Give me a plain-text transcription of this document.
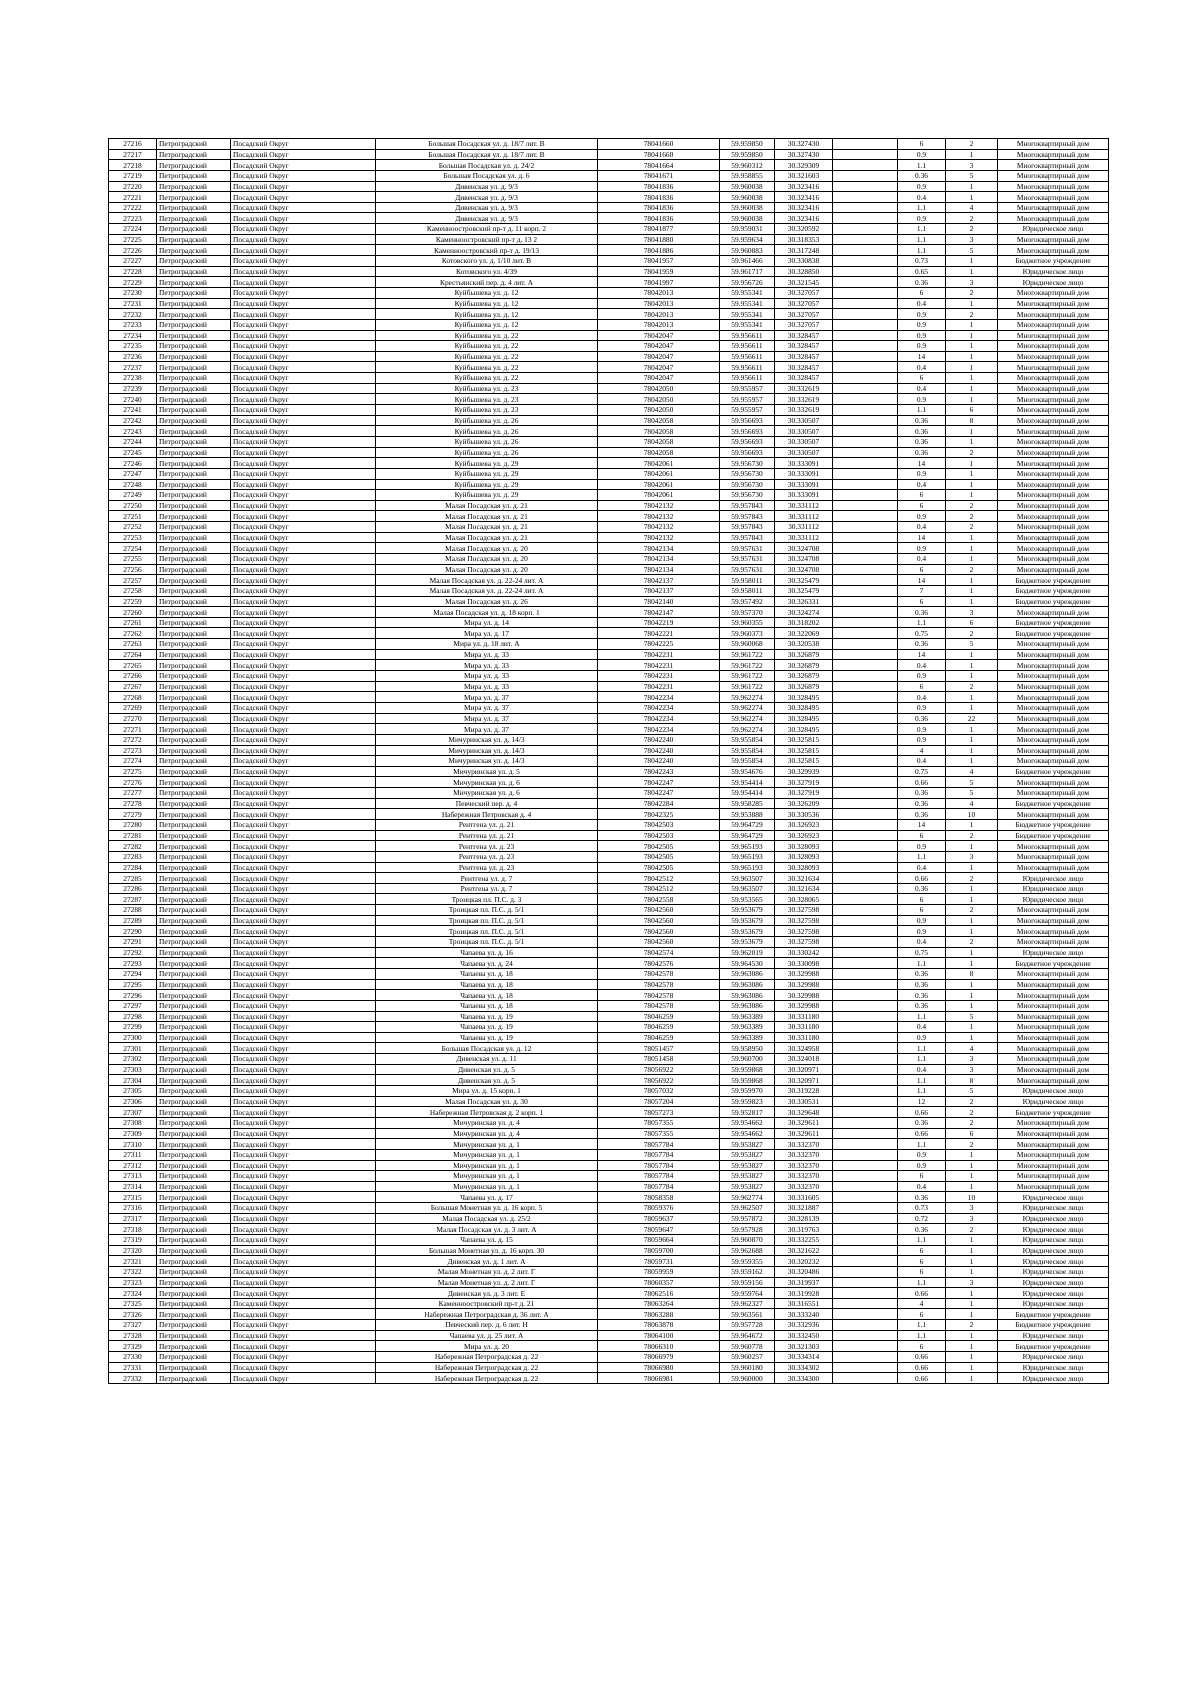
27216	Петроградский	Посадский Округ	Большая Посадская ул. д. 18/7 лит. В	78041660	59.959850	30.327430		6	2	Многоквартирный дом
27217	Петроградский	Посадский Округ	Большая Посадская ул. д. 18/7 лит. В	78041660	59.959850	30.327430		0.9	1	Многоквартирный дом
27218	Петроградский	Посадский Округ	Большая Посадская ул. д. 24/2	78041664	59.960312	30.329309		1.1	3	Многоквартирный дом
27219	Петроградский	Посадский Округ	Большая Посадская ул. д. 6	78041671	59.958855	30.321603		0.36	5	Многоквартирный дом
27220	Петроградский	Посадский Округ	Дивенская ул. д. 9/3	78041836	59.960038	30.323416		0.9	1	Многоквартирный дом
27221	Петроградский	Посадский Округ	Дивенская ул. д. 9/3	78041836	59.960038	30.323416		0.4	1	Многоквартирный дом
27222	Петроградский	Посадский Округ	Дивенская ул. д. 9/3	78041836	59.960038	30.323416		1.1	4	Многоквартирный дом
27223	Петроградский	Посадский Округ	Дивенская ул. д. 9/3	78041836	59.960038	30.323416		0.9	2	Многоквартирный дом
27224	Петроградский	Посадский Округ	Каменноостровский пр-т д. 11 корп. 2	78041877	59.959031	30.320592		1.1	2	Юридическое лицо
27225	Петроградский	Посадский Округ	Каменноостровский пр-т д. 13 2	78041880	59.959634	30.318353		1.1	3	Многоквартирный дом
27226	Петроградский	Посадский Округ	Каменноостровский пр-т д. 19/13	78041886	59.960883	30.317248		1.1	5	Многоквартирный дом
27227	Петроградский	Посадский Округ	Котовского ул. д. 1/10 лит. В	78041957	59.961466	30.330838		0.73	1	Бюджетное учреждение
27228	Петроградский	Посадский Округ	Котовского ул. 4/39	78041959	59.961717	30.328850		0.65	1	Юридическое лицо
27229	Петроградский	Посадский Округ	Крестьянский пер. д. 4 лит. А	78041997	59.956726	30.321545		0.36	3	Юридическое лицо
27230	Петроградский	Посадский Округ	Куйбышева ул. д. 12	78042013	59.955341	30.327057		6	2	Многоквартирный дом
27231	Петроградский	Посадский Округ	Куйбышева ул. д. 12	78042013	59.955341	30.327057		0.4	1	Многоквартирный дом
27232	Петроградский	Посадский Округ	Куйбышева ул. д. 12	78042013	59.955341	30.327057		0.9	2	Многоквартирный дом
27233	Петроградский	Посадский Округ	Куйбышева ул. д. 12	78042013	59.955341	30.327057		0.9	1	Многоквартирный дом
27234	Петроградский	Посадский Округ	Куйбышева ул. д. 22	78042047	59.956611	30.328457		0.9	1	Многоквартирный дом
27235	Петроградский	Посадский Округ	Куйбышева ул. д. 22	78042047	59.956611	30.328457		0.9	1	Многоквартирный дом
27236	Петроградский	Посадский Округ	Куйбышева ул. д. 22	78042047	59.956611	30.328457		14	1	Многоквартирный дом
27237	Петроградский	Посадский Округ	Куйбышева ул. д. 22	78042047	59.956611	30.328457		0.4	1	Многоквартирный дом
27238	Петроградский	Посадский Округ	Куйбышева ул. д. 22	78042047	59.956611	30.328457		6	1	Многоквартирный дом
27239	Петроградский	Посадский Округ	Куйбышева ул. д. 23	78042050	59.955957	30.332619		0.4	1	Многоквартирный дом
27240	Петроградский	Посадский Округ	Куйбышева ул. д. 23	78042050	59.955957	30.332619		0.9	1	Многоквартирный дом
27241	Петроградский	Посадский Округ	Куйбышева ул. д. 23	78042050	59.955957	30.332619		1.1	6	Многоквартирный дом
27242	Петроградский	Посадский Округ	Куйбышева ул. д. 26	78042058	59.956693	30.330507		0.36	8	Многоквартирный дом
27243	Петроградский	Посадский Округ	Куйбышева ул. д. 26	78042058	59.956693	30.330507		0.36	1	Многоквартирный дом
27244	Петроградский	Посадский Округ	Куйбышева ул. д. 26	78042058	59.956693	30.330507		0.36	1	Многоквартирный дом
27245	Петроградский	Посадский Округ	Куйбышева ул. д. 26	78042058	59.956693	30.330507		0.36	2	Многоквартирный дом
27246	Петроградский	Посадский Округ	Куйбышева ул. д. 29	78042061	59.956730	30.333091		14	1	Многоквартирный дом
27247	Петроградский	Посадский Округ	Куйбышева ул. д. 29	78042061	59.956730	30.333091		0.9	1	Многоквартирный дом
27248	Петроградский	Посадский Округ	Куйбышева ул. д. 29	78042061	59.956730	30.333091		0.4	1	Многоквартирный дом
27249	Петроградский	Посадский Округ	Куйбышева ул. д. 29	78042061	59.956730	30.333091		6	1	Многоквартирный дом
27250	Петроградский	Посадский Округ	Малая Посадская ул. д. 21	78042132	59.957843	30.331112		6	2	Многоквартирный дом
27251	Петроградский	Посадский Округ	Малая Посадская ул. д. 21	78042132	59.957843	30.331112		0.9	2	Многоквартирный дом
27252	Петроградский	Посадский Округ	Малая Посадская ул. д. 21	78042132	59.957843	30.331112		0.4	2	Многоквартирный дом
27253	Петроградский	Посадский Округ	Малая Посадская ул. д. 21	78042132	59.957843	30.331112		14	1	Многоквартирный дом
27254	Петроградский	Посадский Округ	Малая Посадская ул. д. 20	78042134	59.957631	30.324708		0.9	1	Многоквартирный дом
27255	Петроградский	Посадский Округ	Малая Посадская ул. д. 20	78042134	59.957631	30.324708		0.4	1	Многоквартирный дом
27256	Петроградский	Посадский Округ	Малая Посадская ул. д. 20	78042134	59.957631	30.324708		6	2	Многоквартирный дом
27257	Петроградский	Посадский Округ	Малая Посадская ул. д. 22-24 лит. А	78042137	59.958011	30.325479		14	1	Бюджетное учреждение
27258	Петроградский	Посадский Округ	Малая Посадская ул. д. 22-24 лит. А	78042137	59.958011	30.325479		7	1	Бюджетное учреждение
27259	Петроградский	Посадский Округ	Малая Посадская ул. д. 26	78042140	59.957492	30.326331		6	1	Бюджетное учреждение
27260	Петроградский	Посадский Округ	Малая Посадская ул. д. 18 корп. 1	78042147	59.957370	30.324274		0.36	3	Многоквартирный дом
27261	Петроградский	Посадский Округ	Мира ул. д. 14	78042219	59.960355	30.318202		1.1	6	Бюджетное учреждение
27262	Петроградский	Посадский Округ	Мира ул. д. 17	78042221	59.960373	30.322069		0.75	2	Бюджетное учреждение
27263	Петроградский	Посадский Округ	Мира ул. д. 18 лит. А	78042225	59.960068	30.320538		0.36	5	Многоквартирный дом
27264	Петроградский	Посадский Округ	Мира ул. д. 33	78042231	59.961722	30.326879		14	1	Многоквартирный дом
27265	Петроградский	Посадский Округ	Мира ул. д. 33	78042231	59.961722	30.326879		0.4	1	Многоквартирный дом
27266	Петроградский	Посадский Округ	Мира ул. д. 33	78042231	59.961722	30.326879		0.9	1	Многоквартирный дом
27267	Петроградский	Посадский Округ	Мира ул. д. 33	78042231	59.961722	30.326879		6	2	Многоквартирный дом
27268	Петроградский	Посадский Округ	Мира ул. д. 37	78042234	59.962274	30.328495		0.4	1	Многоквартирный дом
27269	Петроградский	Посадский Округ	Мира ул. д. 37	78042234	59.962274	30.328495		0.9	1	Многоквартирный дом
27270	Петроградский	Посадский Округ	Мира ул. д. 37	78042234	59.962274	30.328495		0.36	22	Многоквартирный дом
27271	Петроградский	Посадский Округ	Мира ул. д. 37	78042234	59.962274	30.328495		0.9	1	Многоквартирный дом
27272	Петроградский	Посадский Округ	Мичуринская ул. д. 14/3	78042240	59.955854	30.325815		0.9	1	Многоквартирный дом
27273	Петроградский	Посадский Округ	Мичуринская ул. д. 14/3	78042240	59.955854	30.325815		4	1	Многоквартирный дом
27274	Петроградский	Посадский Округ	Мичуринская ул. д. 14/3	78042240	59.955854	30.325815		0.4	1	Многоквартирный дом
27275	Петроградский	Посадский Округ	Мичуринская ул. д. 5	78042243	59.954676	30.329939		0.75	4	Бюджетное учреждение
27276	Петроградский	Посадский Округ	Мичуринская ул. д. 6	78042247	59.954414	30.327919		0.66	5	Многоквартирный дом
27277	Петроградский	Посадский Округ	Мичуринская ул. д. 6	78042247	59.954414	30.327919		0.36	5	Многоквартирный дом
27278	Петроградский	Посадский Округ	Певческий пер. д. 4	78042284	59.958285	30.326209		0.36	4	Бюджетное учреждение
27279	Петроградский	Посадский Округ	Набережная Петровская д. 4	78042325	59.953888	30.330536		0.36	10	Многоквартирный дом
27280	Петроградский	Посадский Округ	Рентгена ул. д. 21	78042503	59.964729	30.326923		14	1	Бюджетное учреждение
27281	Петроградский	Посадский Округ	Рентгена ул. д. 21	78042503	59.964729	30.326923		6	2	Бюджетное учреждение
27282	Петроградский	Посадский Округ	Рентгена ул. д. 23	78042505	59.965193	30.328093		0.9	1	Многоквартирный дом
27283	Петроградский	Посадский Округ	Рентгена ул. д. 23	78042505	59.965193	30.328093		1.1	3	Многоквартирный дом
27284	Петроградский	Посадский Округ	Рентгена ул. д. 23	78042505	59.965193	30.328093		0.4	1	Многоквартирный дом
27285	Петроградский	Посадский Округ	Рентгена ул. д. 7	78042512	59.963507	30.321634		0.66	2	Юридическое лицо
27286	Петроградский	Посадский Округ	Рентгена ул. д. 7	78042512	59.963507	30.321634		0.36	1	Юридическое лицо
27287	Петроградский	Посадский Округ	Троицкая пл. П.С. д. 3	78042558	59.953565	30.328065		6	1	Юридическое лицо
27288	Петроградский	Посадский Округ	Троицкая пл. П.С. д. 5/1	78042560	59.953679	30.327598		6	2	Многоквартирный дом
27289	Петроградский	Посадский Округ	Троицкая пл. П.С. д. 5/1	78042560	59.953679	30.327598		0.9	1	Многоквартирный дом
27290	Петроградский	Посадский Округ	Троицкая пл. П.С. д. 5/1	78042560	59.953679	30.327598		0.9	1	Многоквартирный дом
27291	Петроградский	Посадский Округ	Троицкая пл. П.С. д. 5/1	78042560	59.953679	30.327598		0.4	2	Многоквартирный дом
27292	Петроградский	Посадский Округ	Чапаева ул. д. 16	78042574	59.962019	30.330242		0.75	1	Юридическое лицо
27293	Петроградский	Посадский Округ	Чапаева ул. д. 24	78042576	59.964530	30.330098		1.1	1	Бюджетное учреждение
27294	Петроградский	Посадский Округ	Чапаева ул. д. 18	78042578	59.963086	30.329988		0.36	8	Многоквартирный дом
27295	Петроградский	Посадский Округ	Чапаева ул. д. 18	78042578	59.963086	30.329988		0.36	1	Многоквартирный дом
27296	Петроградский	Посадский Округ	Чапаева ул. д. 18	78042578	59.963086	30.329988		0.36	1	Многоквартирный дом
27297	Петроградский	Посадский Округ	Чапаева ул. д. 18	78042578	59.963086	30.329988		0.36	1	Многоквартирный дом
27298	Петроградский	Посадский Округ	Чапаева ул. д. 19	78046259	59.963389	30.331180		1.1	5	Многоквартирный дом
27299	Петроградский	Посадский Округ	Чапаева ул. д. 19	78046259	59.963389	30.331180		0.4	1	Многоквартирный дом
27300	Петроградский	Посадский Округ	Чапаева ул. д. 19	78046259	59.963389	30.331180		0.9	1	Многоквартирный дом
27301	Петроградский	Посадский Округ	Большая Посадская ул. д. 12	78051457	59.958950	30.324958		1.1	4	Многоквартирный дом
27302	Петроградский	Посадский Округ	Дивенская ул. д. 11	78051458	59.960700	30.324018		1.1	3	Многоквартирный дом
27303	Петроградский	Посадский Округ	Дивенская ул. д. 5	78056922	59.959868	30.320971		0.4	3	Многоквартирный дом
27304	Петроградский	Посадский Округ	Дивенская ул. д. 5	78056922	59.959868	30.320971		1.1	8	Многоквартирный дом
27305	Петроградский	Посадский Округ	Мира ул. д. 15 корп. 1	78057032	59.959970	30.319228		1.1	5	Юридическое лицо
27306	Петроградский	Посадский Округ	Малая Посадская ул. д. 30	78057204	59.959823	30.330531		12	2	Юридическое лицо
27307	Петроградский	Посадский Округ	Набережная Петровская д. 2 корп. 1	78057273	59.952817	30.329648		0.66	2	Бюджетное учреждение
27308	Петроградский	Посадский Округ	Мичуринская ул. д. 4	78057355	59.954662	30.329611		0.36	2	Многоквартирный дом
27309	Петроградский	Посадский Округ	Мичуринская ул. д. 4	78057355	59.954662	30.329611		0.66	6	Многоквартирный дом
27310	Петроградский	Посадский Округ	Мичуринская ул. д. 1	78057784	59.953827	30.332370		1.1	2	Многоквартирный дом
27311	Петроградский	Посадский Округ	Мичуринская ул. д. 1	78057784	59.953827	30.332370		0.9	1	Многоквартирный дом
27312	Петроградский	Посадский Округ	Мичуринская ул. д. 1	78057784	59.953827	30.332370		0.9	1	Многоквартирный дом
27313	Петроградский	Посадский Округ	Мичуринская ул. д. 1	78057784	59.953827	30.332370		6	1	Многоквартирный дом
27314	Петроградский	Посадский Округ	Мичуринская ул. д. 1	78057784	59.953827	30.332370		0.4	1	Многоквартирный дом
27315	Петроградский	Посадский Округ	Чапаева ул. д. 17	78058358	59.962774	30.331605		0.36	10	Юридическое лицо
27316	Петроградский	Посадский Округ	Большая Монетная ул. д. 16 корп. 5	78059376	59.962507	30.321887		0.73	3	Юридическое лицо
27317	Петроградский	Посадский Округ	Малая Посадская ул. д. 25/2	78059637	59.957872	30.328139		0.72	3	Юридическое лицо
27318	Петроградский	Посадский Округ	Малая Посадская ул. д. 3 лит. А	78059647	59.957928	30.319763		0.36	2	Юридическое лицо
27319	Петроградский	Посадский Округ	Чапаева ул. д. 15	78059664	59.960870	30.332255		1.1	1	Юридическое лицо
27320	Петроградский	Посадский Округ	Большая Монетная ул. д. 16 корп. 30	78059700	59.962688	30.321622		6	1	Юридическое лицо
27321	Петроградский	Посадский Округ	Дивенская ул. д. 1 лит. А	78059731	59.959355	30.320232		6	1	Юридическое лицо
27322	Петроградский	Посадский Округ	Малая Монетная ул. д. 2 лит. Г	78059959	59.959162	30.320486		6	1	Юридическое лицо
27323	Петроградский	Посадский Округ	Малая Монетная ул. д. 2 лит. Г	78060357	59.959156	30.319937		1.1	3	Юридическое лицо
27324	Петроградский	Посадский Округ	Дивенская ул. д. 3 лит. Е	78062516	59.959764	30.319928		0.66	1	Юридическое лицо
27325	Петроградский	Посадский Округ	Каменноостровский пр-т д. 21	78063264	59.962327	30.316551		4	1	Юридическое лицо
27326	Петроградский	Посадский Округ	Набережная Петроградская д. 36 лит. А	78063288	59.963561	30.333240		6	1	Бюджетное учреждение
27327	Петроградский	Посадский Округ	Певческий пер. д. 6 лит. Н	78063878	59.957728	30.332936		1.1	2	Бюджетное учреждение
27328	Петроградский	Посадский Округ	Чапаева ул. д. 25 лит. А	78064100	59.964672	30.332450		1.1	1	Юридическое лицо
27329	Петроградский	Посадский Округ	Мира ул. д. 20	78066310	59.960778	30.321303		6	1	Бюджетное учреждение
27330	Петроградский	Посадский Округ	Набережная Петроградская д. 22	78066979	59.960257	30.334314		0.66	1	Юридическое лицо
27331	Петроградский	Посадский Округ	Набережная Петроградская д. 22	78066980	59.960180	30.334302		0.66	1	Юридическое лицо
27332	Петроградский	Посадский Округ	Набережная Петроградская д. 22	78066981	59.960000	30.334300		0.66	1	Юридическое лицо
